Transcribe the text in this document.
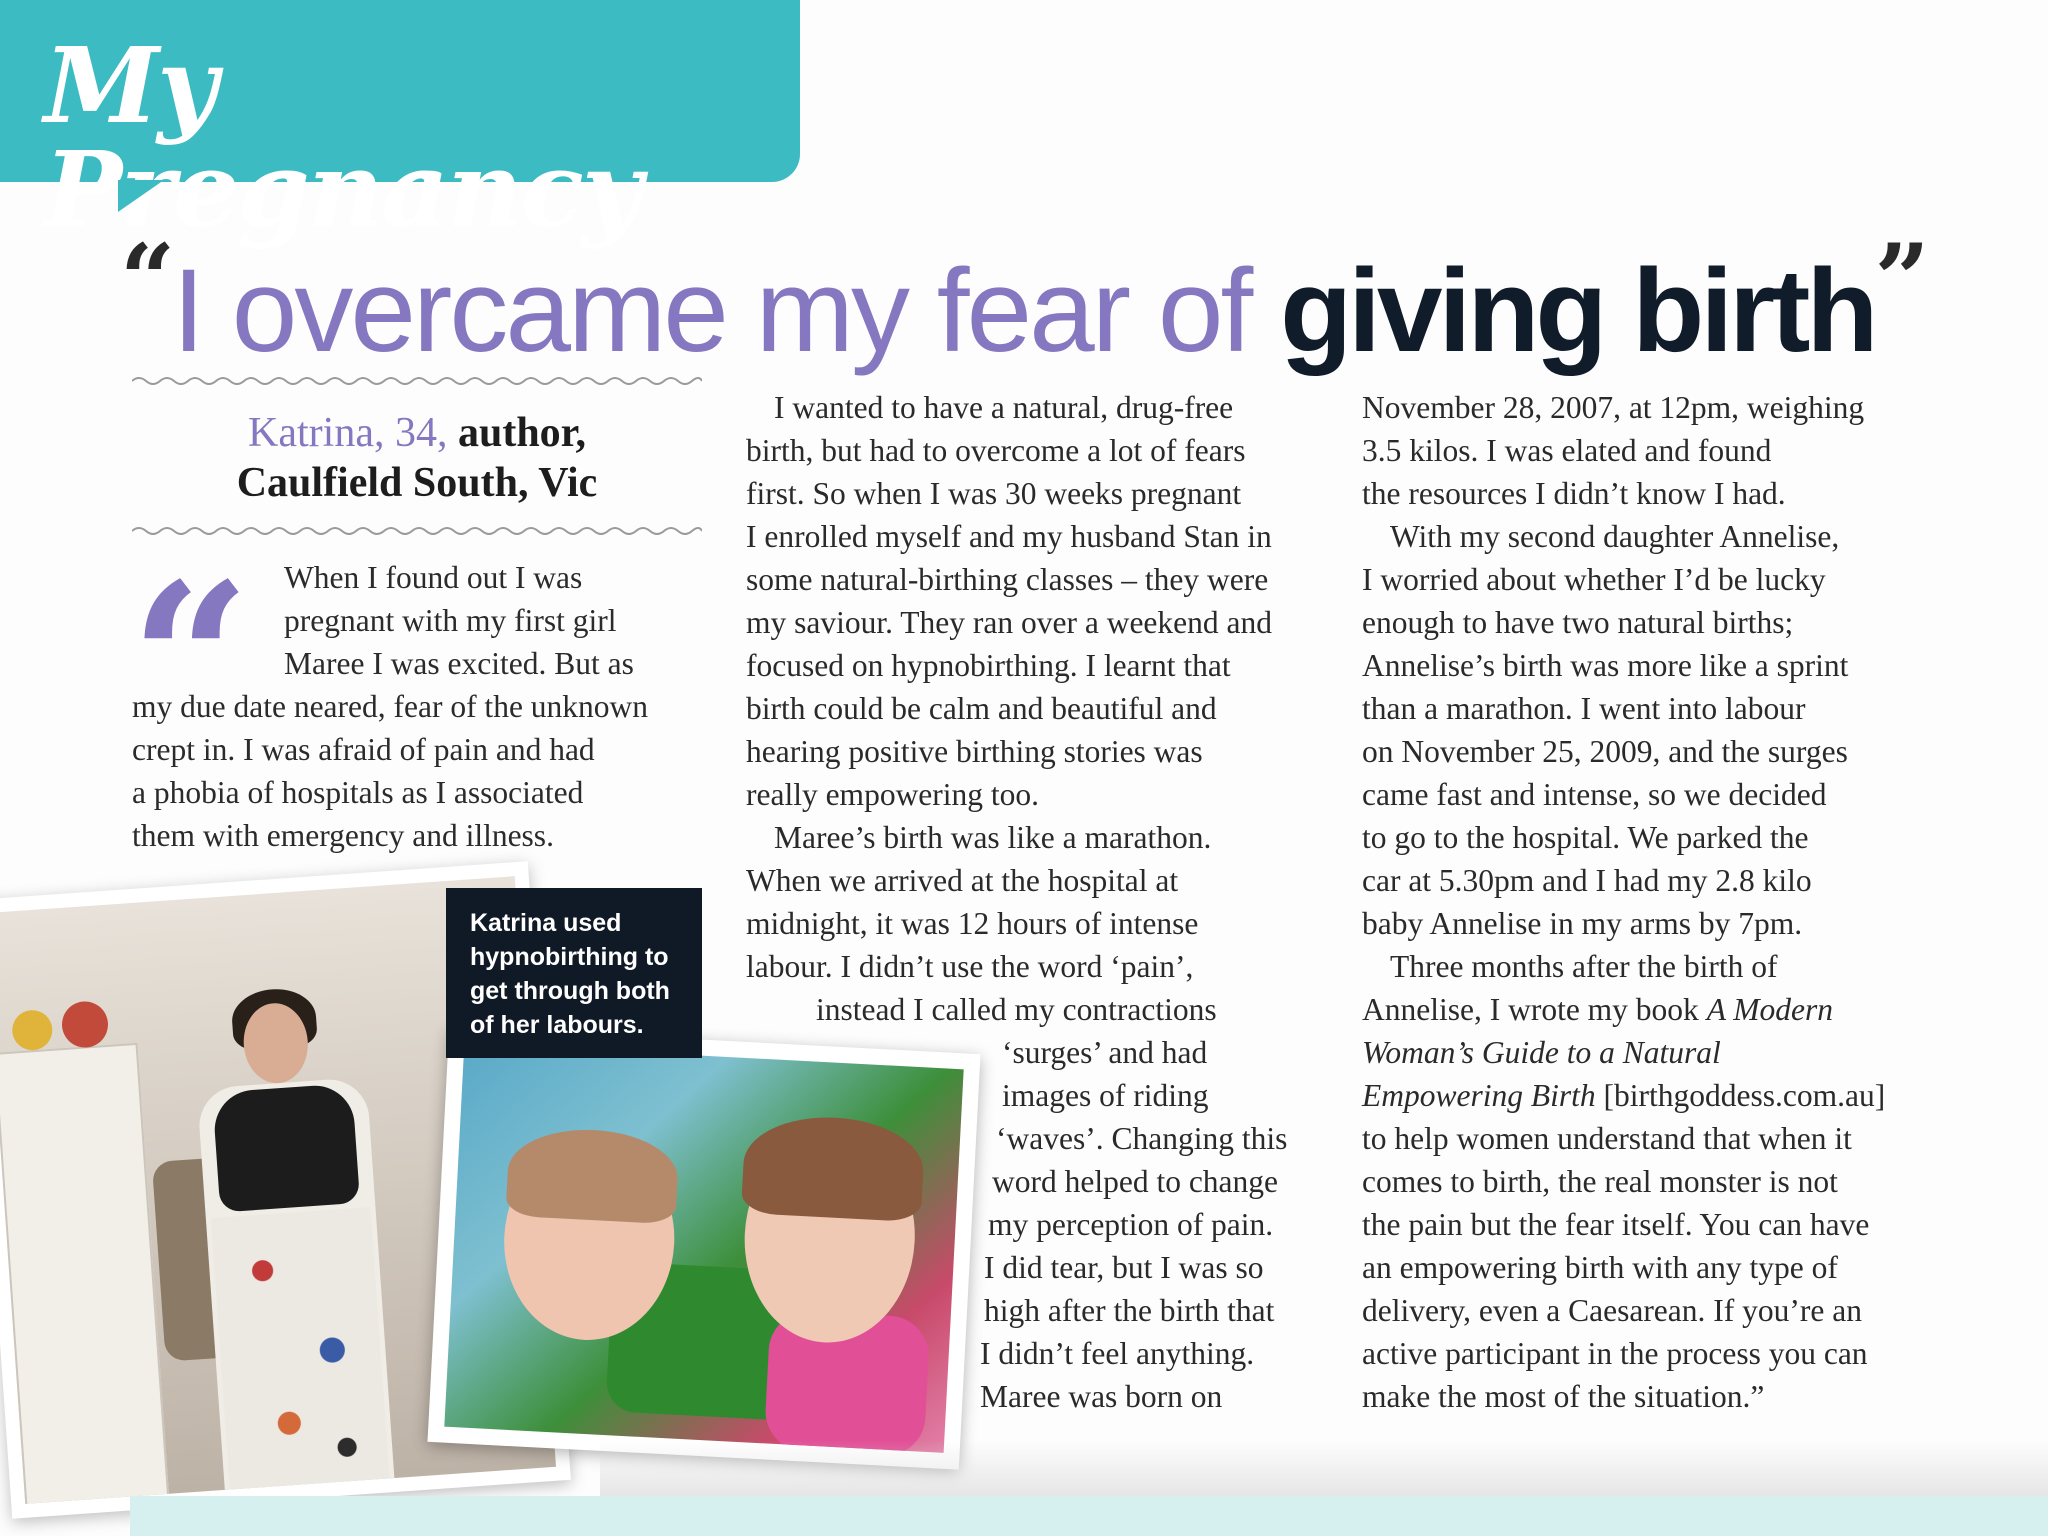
My Pregnancy
“I overcame my fear of giving birth”
Katrina, 34, author,
Caulfield South, Vic
“	When I found out I was
pregnant with my first girl
Maree I was excited. But as
my due date neared, fear of the unknown
crept in. I was afraid of pain and had
a phobia of hospitals as I associated
them with emergency and illness.
I wanted to have a natural, drug-free
birth, but had to overcome a lot of fears
first. So when I was 30 weeks pregnant
I enrolled myself and my husband Stan in
some natural-birthing classes – they were
my saviour. They ran over a weekend and
focused on hypnobirthing. I learnt that
birth could be calm and beautiful and
hearing positive birthing stories was
really empowering too.
Maree’s birth was like a marathon.
When we arrived at the hospital at
midnight, it was 12 hours of intense
labour. I didn’t use the word ‘pain’,
instead I called my contractions
‘surges’ and had
images of riding
‘waves’. Changing this
word helped to change
my perception of pain.
I did tear, but I was so
high after the birth that
I didn’t feel anything.
Maree was born on
November 28, 2007, at 12pm, weighing
3.5 kilos. I was elated and found
the resources I didn’t know I had.
With my second daughter Annelise,
I worried about whether I’d be lucky
enough to have two natural births;
Annelise’s birth was more like a sprint
than a marathon. I went into labour
on November 25, 2009, and the surges
came fast and intense, so we decided
to go to the hospital. We parked the
car at 5.30pm and I had my 2.8 kilo
baby Annelise in my arms by 7pm.
Three months after the birth of
Annelise, I wrote my book A Modern
Woman’s Guide to a Natural
Empowering Birth [birthgoddess.com.au]
to help women understand that when it
comes to birth, the real monster is not
the pain but the fear itself. You can have
an empowering birth with any type of
delivery, even a Caesarean. If you’re an
active participant in the process you can
make the most of the situation.”
Katrina used hypnobirthing to get through both of her labours.
